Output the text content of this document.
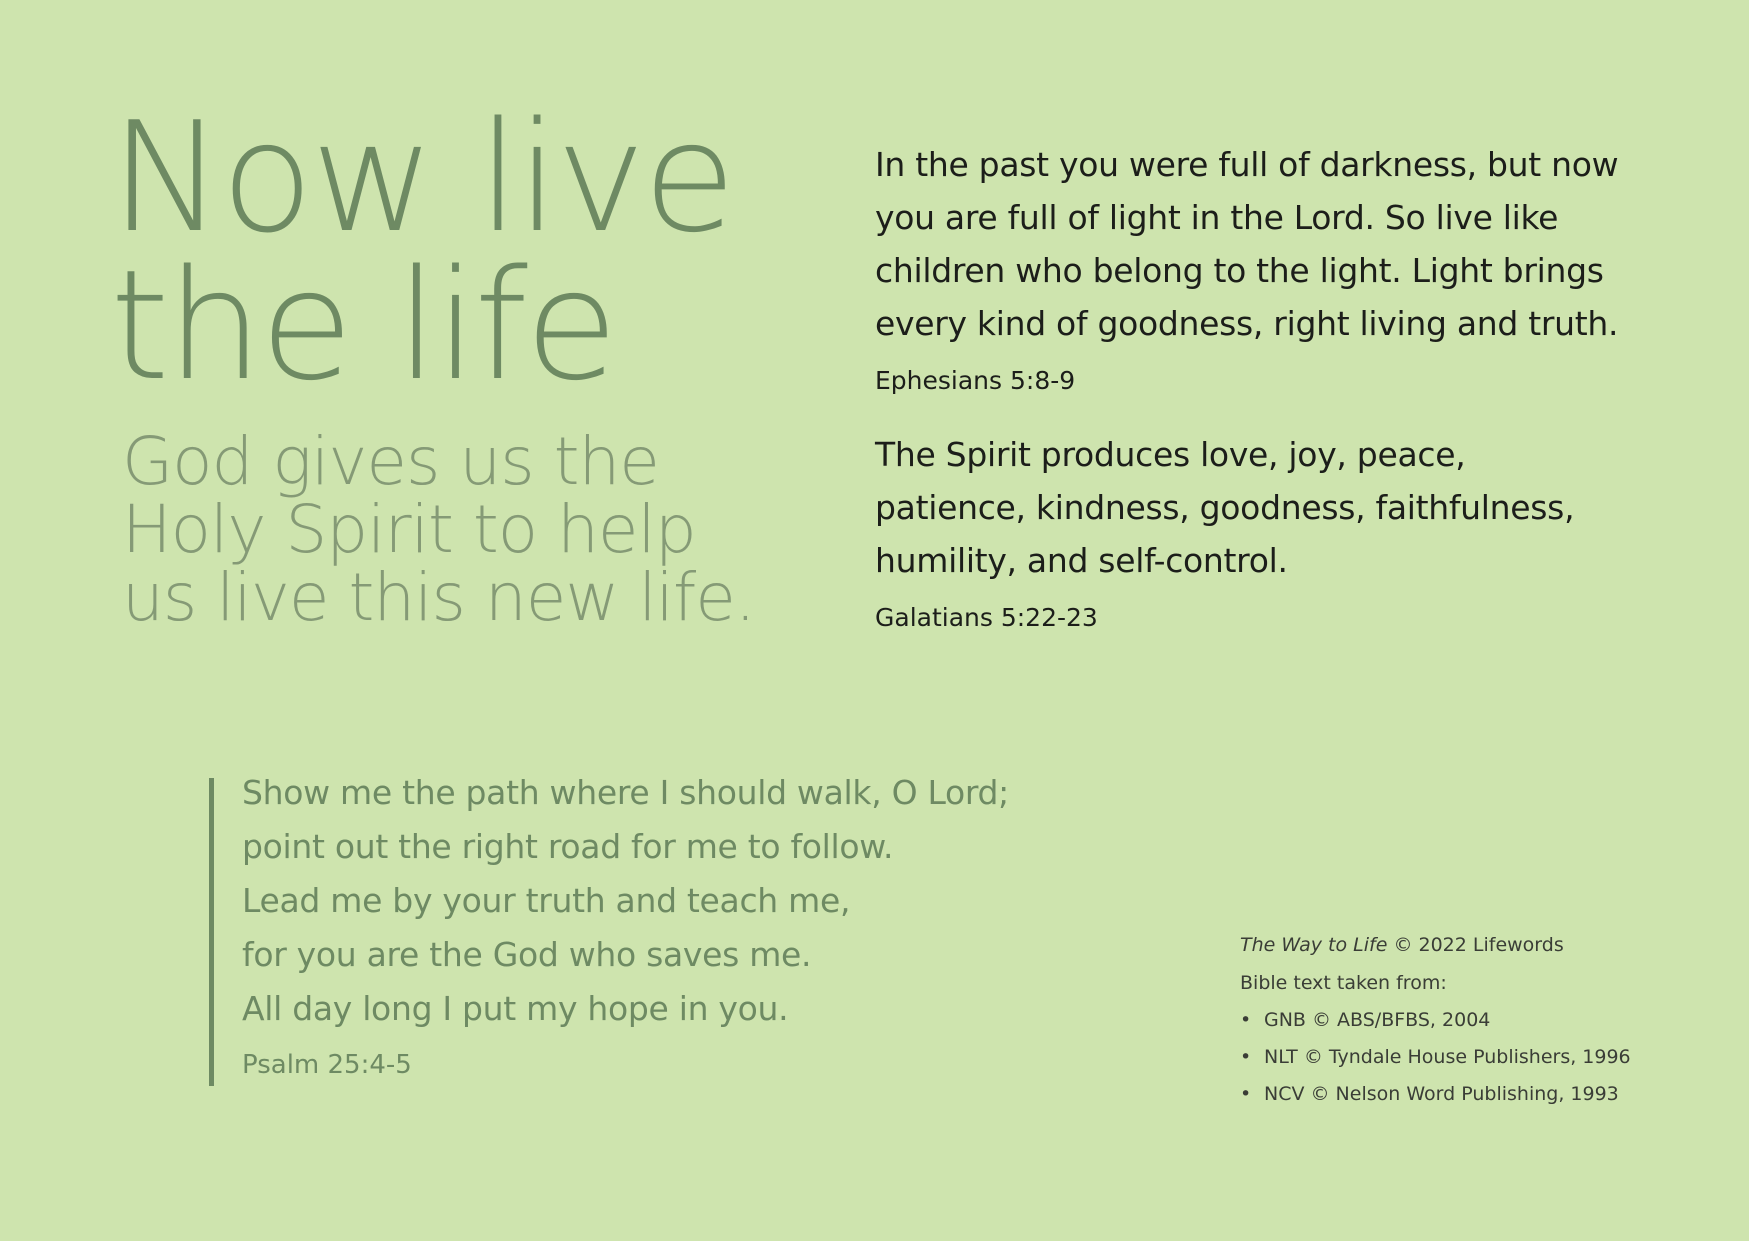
Now live
the life
God gives us the
Holy Spirit to help
us live this new life.

In the past you were full of darkness, but now
you are full of light in the Lord. So live like
children who belong to the light. Light brings
every kind of goodness, right living and truth.

Ephesians 5:8-9

The Spirit produces love, joy, peace,
patience, kindness, goodness, faithfulness,
humility, and self-control.

Galatians 5:22-23

Show me the path where I should walk, O Lord;
point out the right road for me to follow.
Lead me by your truth and teach me,
for you are the God who saves me.
All day long I put my hope in you.

Psalm 25:4-5
The Way to Life © 2022 Lifewords
Bible text taken from:
• GNB © ABS/BFBS, 2004
• NLT © Tyndale House Publishers, 1996
• NCV © Nelson Word Publishing, 1993
